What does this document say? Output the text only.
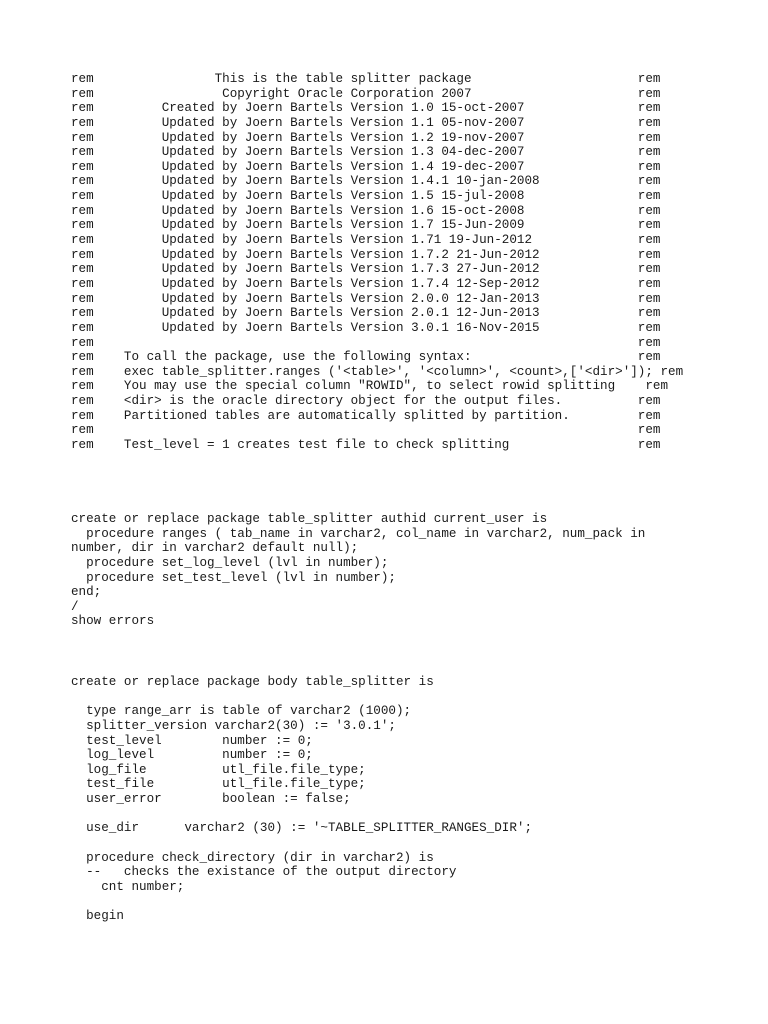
rem                This is the table splitter package                      rem
rem                 Copyright Oracle Corporation 2007                      rem
rem         Created by Joern Bartels Version 1.0 15-oct-2007               rem
rem         Updated by Joern Bartels Version 1.1 05-nov-2007               rem
rem         Updated by Joern Bartels Version 1.2 19-nov-2007               rem
rem         Updated by Joern Bartels Version 1.3 04-dec-2007               rem
rem         Updated by Joern Bartels Version 1.4 19-dec-2007               rem
rem         Updated by Joern Bartels Version 1.4.1 10-jan-2008             rem
rem         Updated by Joern Bartels Version 1.5 15-jul-2008               rem
rem         Updated by Joern Bartels Version 1.6 15-oct-2008               rem
rem         Updated by Joern Bartels Version 1.7 15-Jun-2009               rem
rem         Updated by Joern Bartels Version 1.71 19-Jun-2012              rem
rem         Updated by Joern Bartels Version 1.7.2 21-Jun-2012             rem
rem         Updated by Joern Bartels Version 1.7.3 27-Jun-2012             rem
rem         Updated by Joern Bartels Version 1.7.4 12-Sep-2012             rem
rem         Updated by Joern Bartels Version 2.0.0 12-Jan-2013             rem
rem         Updated by Joern Bartels Version 2.0.1 12-Jun-2013             rem
rem         Updated by Joern Bartels Version 3.0.1 16-Nov-2015             rem
rem                                                                        rem
rem    To call the package, use the following syntax:                      rem
rem    exec table_splitter.ranges ('<table>', '<column>', <count>,['<dir>']); rem
rem    You may use the special column "ROWID", to select rowid splitting    rem
rem    <dir> is the oracle directory object for the output files.          rem
rem    Partitioned tables are automatically splitted by partition.         rem
rem                                                                        rem
rem    Test_level = 1 creates test file to check splitting                 rem
create or replace package table_splitter authid current_user is
procedure ranges ( tab_name in varchar2, col_name in varchar2, num_pack in
number, dir in varchar2 default null);
procedure set_log_level (lvl in number);
procedure set_test_level (lvl in number);
end;
/
show errors
create or replace package body table_splitter is

type range_arr is table of varchar2 (1000);
splitter_version varchar2(30) := '3.0.1';
test_level        number := 0;
log_level         number := 0;
log_file          utl_file.file_type;
test_file         utl_file.file_type;
user_error        boolean := false;

use_dir      varchar2 (30) := '~TABLE_SPLITTER_RANGES_DIR';

procedure check_directory (dir in varchar2) is
--   checks the existance of the output directory
cnt number;

begin
